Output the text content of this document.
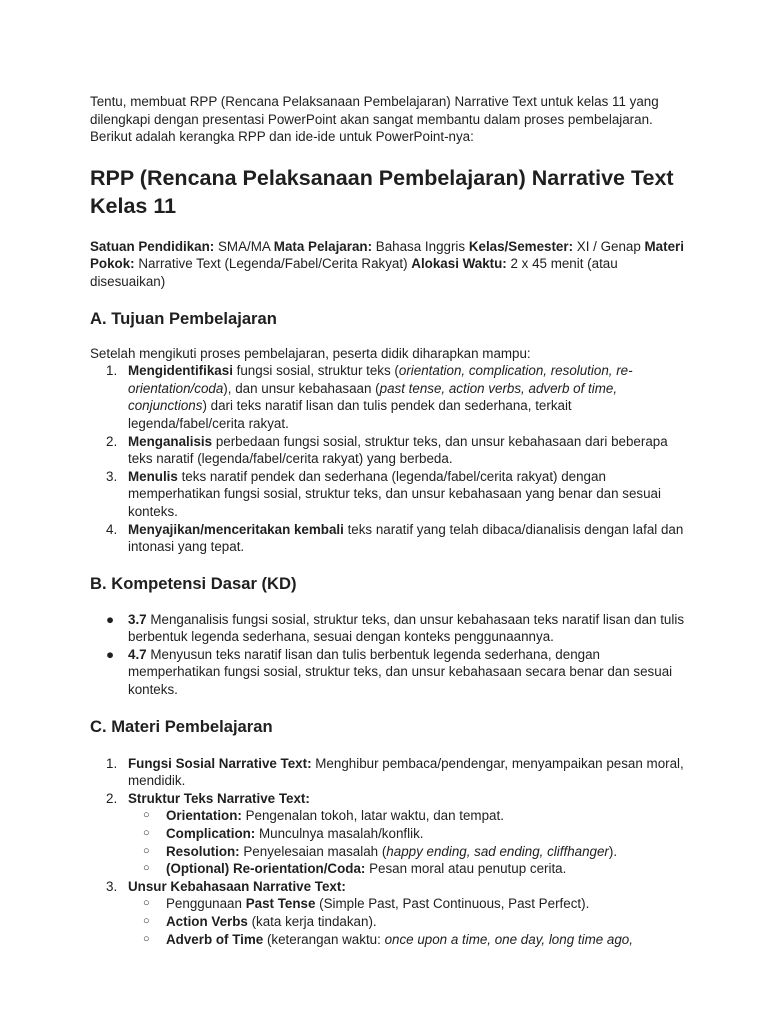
Tentu, membuat RPP (Rencana Pelaksanaan Pembelajaran) Narrative Text untuk kelas 11 yang dilengkapi dengan presentasi PowerPoint akan sangat membantu dalam proses pembelajaran. Berikut adalah kerangka RPP dan ide-ide untuk PowerPoint-nya:

RPP (Rencana Pelaksanaan Pembelajaran) Narrative Text Kelas 11

Satuan Pendidikan: SMA/MA Mata Pelajaran: Bahasa Inggris Kelas/Semester: XI / Genap Materi Pokok: Narrative Text (Legenda/Fabel/Cerita Rakyat) Alokasi Waktu: 2 x 45 menit (atau disesuaikan)

A. Tujuan Pembelajaran

Setelah mengikuti proses pembelajaran, peserta didik diharapkan mampu:

1. Mengidentifikasi fungsi sosial, struktur teks (orientation, complication, resolution, re-orientation/coda), dan unsur kebahasaan (past tense, action verbs, adverb of time, conjunctions) dari teks naratif lisan dan tulis pendek dan sederhana, terkait legenda/fabel/cerita rakyat.
2. Menganalisis perbedaan fungsi sosial, struktur teks, dan unsur kebahasaan dari beberapa teks naratif (legenda/fabel/cerita rakyat) yang berbeda.
3. Menulis teks naratif pendek dan sederhana (legenda/fabel/cerita rakyat) dengan memperhatikan fungsi sosial, struktur teks, dan unsur kebahasaan yang benar dan sesuai konteks.
4. Menyajikan/menceritakan kembali teks naratif yang telah dibaca/dianalisis dengan lafal dan intonasi yang tepat.
B. Kompetensi Dasar (KD)
● 3.7 Menganalisis fungsi sosial, struktur teks, dan unsur kebahasaan teks naratif lisan dan tulis berbentuk legenda sederhana, sesuai dengan konteks penggunaannya.
● 4.7 Menyusun teks naratif lisan dan tulis berbentuk legenda sederhana, dengan memperhatikan fungsi sosial, struktur teks, dan unsur kebahasaan secara benar dan sesuai konteks.
C. Materi Pembelajaran
1. Fungsi Sosial Narrative Text: Menghibur pembaca/pendengar, menyampaikan pesan moral, mendidik.
2. Struktur Teks Narrative Text:
○ Orientation: Pengenalan tokoh, latar waktu, dan tempat.
○ Complication: Munculnya masalah/konflik.
○ Resolution: Penyelesaian masalah (happy ending, sad ending, cliffhanger).
○ (Optional) Re-orientation/Coda: Pesan moral atau penutup cerita.
3. Unsur Kebahasaan Narrative Text:
○ Penggunaan Past Tense (Simple Past, Past Continuous, Past Perfect).
○ Action Verbs (kata kerja tindakan).
○ Adverb of Time (keterangan waktu: once upon a time, one day, long time ago,
